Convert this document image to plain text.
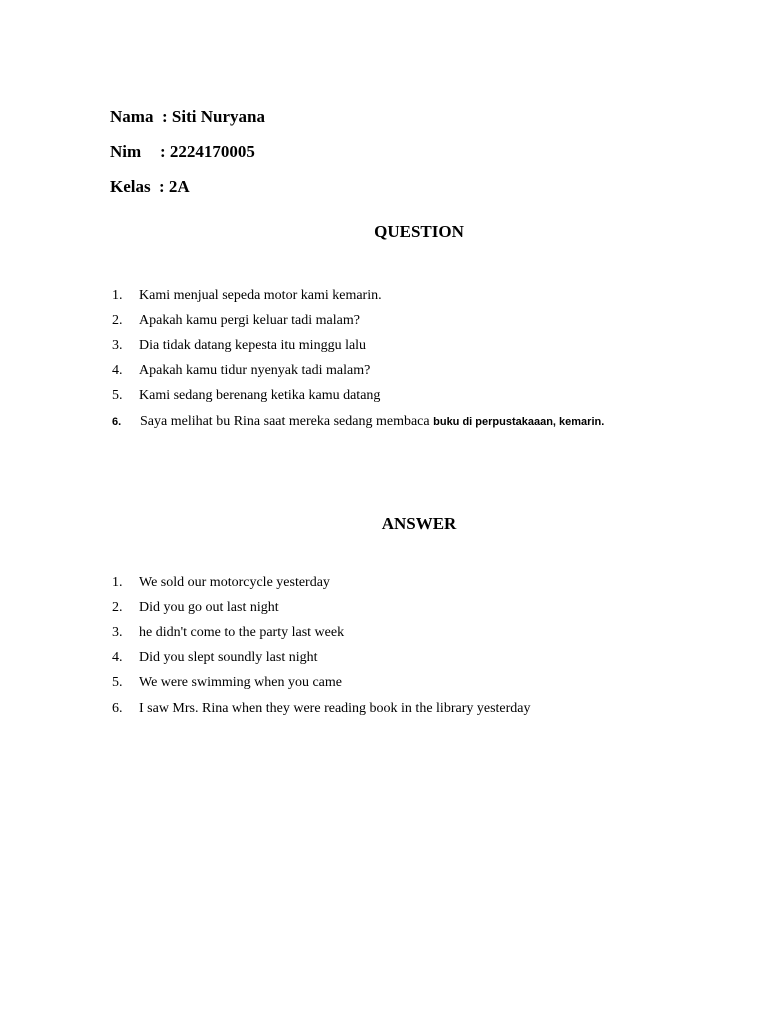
Nama : Siti Nuryana

Nim : 2224170005

Kelas : 2A

QUESTION
1. Kami menjual sepeda motor kami kemarin.
2. Apakah kamu pergi keluar tadi malam?
3. Dia tidak datang kepesta itu minggu lalu
4. Apakah kamu tidur nyenyak tadi malam?
5. Kami sedang berenang ketika kamu datang
6. Saya melihat bu Rina saat mereka sedang membaca buku di perpustakaaan, kemarin.
ANSWER
1. We sold our motorcycle yesterday
2. Did you go out last night
3. he didn't come to the party last week
4. Did you slept soundly last night
5. We were swimming when you came
6. I saw Mrs. Rina when they were reading book in the library yesterday
